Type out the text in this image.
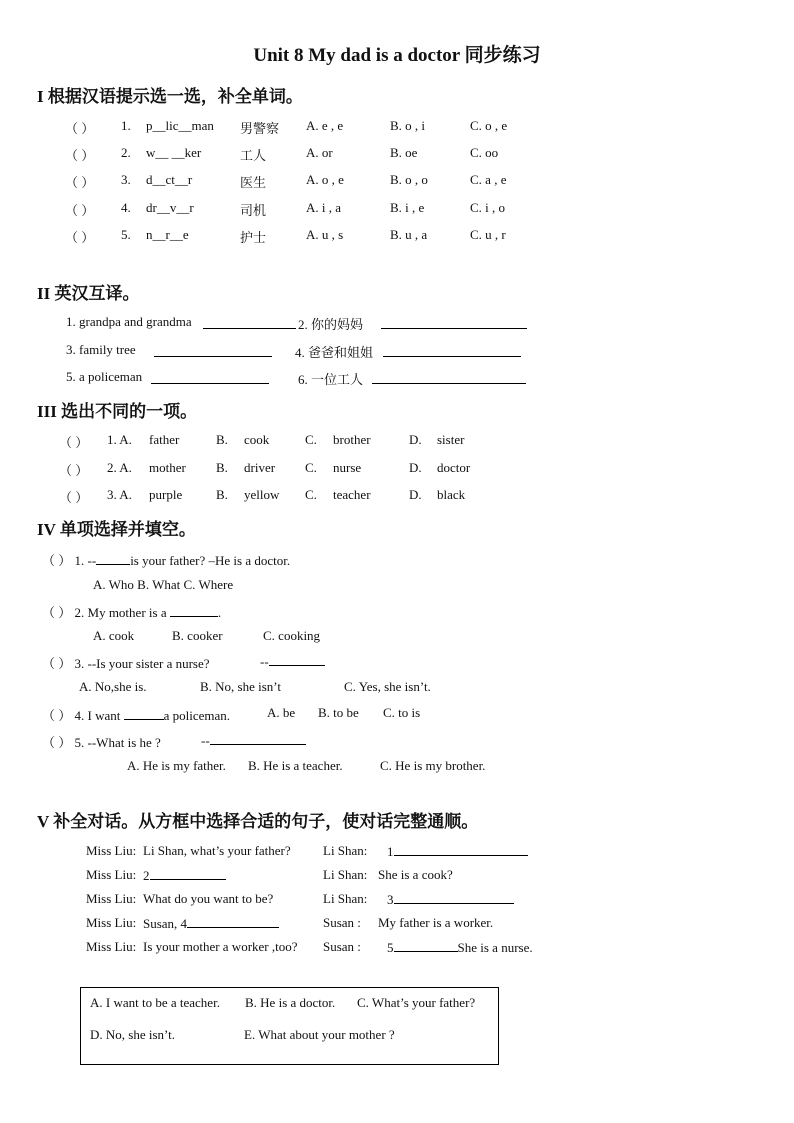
Unit 8 My dad is a doctor 同步练习
I 根据汉语提示选一选，补全单词。
（ ） 1. p__lic__man 男警察 A. e , e	B. o , i	C. o , e
（ ） 2. w__ __ker	工人	A. or	B. oe	C. oo
（ ） 3. d__ct__r	医生	A. o , e	B. o , o	C. a , e
（ ） 4. dr__v__r	司机	A. i , a	B. i , e	C. i , o
（ ） 5. n__r__e	护士	A. u , s	B. u , a	C. u , r
II 英汉互译。
1. grandpa and grandma	2. 你的妈妈
3. family tree	4. 爸爸和姐姐
5. a policeman	6. 一位工人
III 选出不同的一项。
（ ） 1. A. father	B. cook	C. brother	D. sister
（ ） 2. A. mother B. driver C. nurse	D. doctor
（ ） 3. A. purple	B. yellow C. teacher	D. black
IV 单项选择并填空。
（ ） 1. --	is your father? –He is a doctor.
A. Who B. What C. Where
（ ） 2. My mother is a	.
A. cook	B. cooker	C. cooking
（ ） 3. --Is your sister a nurse?	--
A. No,she is.	B. No, she isn’t	C. Yes, she isn’t.
（ ） 4. I want	a policeman.	A. be B. to be C. to is
（ ） 5. --What is he ?	--
A. He is my father. B. He is a teacher.	C. He is my brother.
V 补全对话。从方框中选择合适的句子，使对话完整通顺。
Miss Liu: Li Shan, what’s your father? Li Shan: 1
Miss Liu: 2	Li Shan: She is a cook?
Miss Liu: What do you want to be?	Li Shan: 3
Miss Liu: Susan, 4	Susan : My father is a worker.
Miss Liu: Is your mother a worker ,too? Susan : 5	She is a nurse.
A. I want to be a teacher. B. He is a doctor. C. What’s your father?
D. No, she isn’t.	E. What about your mother ?
